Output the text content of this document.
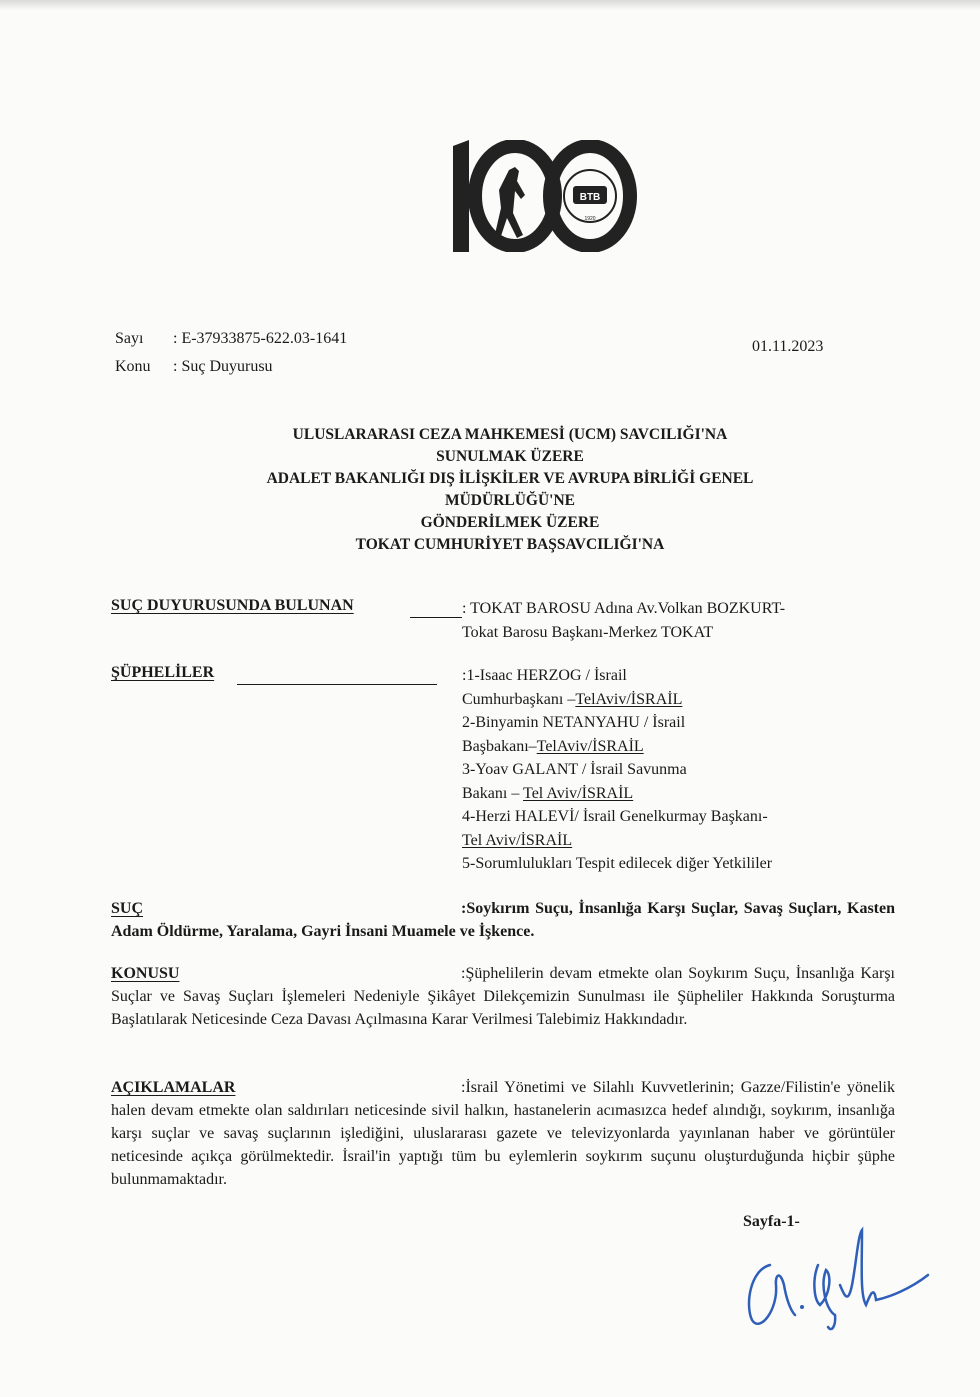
BTB
1920
Sayı : E-37933875-622.03-1641
Konu : Suç Duyurusu
01.11.2023
ULUSLARARASI CEZA MAHKEMESİ (UCM) SAVCILIĞI'NA
SUNULMAK ÜZERE
ADALET BAKANLIĞI DIŞ İLİŞKİLER VE AVRUPA BİRLİĞİ GENEL
MÜDÜRLÜĞÜ'NE
GÖNDERİLMEK ÜZERE
TOKAT CUMHURİYET BAŞSAVCILIĞI'NA
SUÇ DUYURUSUNDA BULUNAN	: TOKAT BAROSU Adına Av.Volkan BOZKURT-
Tokat Barosu Başkanı-Merkez TOKAT
ŞÜPHELİLER	:1-Isaac HERZOG / İsrail
Cumhurbaşkanı –TelAviv/İSRAİL
2-Binyamin NETANYAHU / İsrail
Başbakanı–TelAviv/İSRAİL
3-Yoav GALANT / İsrail Savunma
Bakanı – Tel Aviv/İSRAİL
4-Herzi HALEVİ/ İsrail Genelkurmay Başkanı-
Tel Aviv/İSRAİL
5-Sorumlulukları Tespit edilecek diğer Yetkililer
SUÇ	:Soykırım Suçu, İnsanlığa Karşı Suçlar, Savaş Suçları, Kasten Adam Öldürme, Yaralama, Gayri İnsani Muamele ve İşkence.
KONUSU	:Şüphelilerin devam etmekte olan Soykırım Suçu, İnsanlığa Karşı Suçlar ve Savaş Suçları İşlemeleri Nedeniyle Şikâyet Dilekçemizin Sunulması ile Şüpheliler Hakkında Soruşturma Başlatılarak Neticesinde Ceza Davası Açılmasına Karar Verilmesi Talebimiz Hakkındadır.
AÇIKLAMALAR	:İsrail Yönetimi ve Silahlı Kuvvetlerinin; Gazze/Filistin'e yönelik halen devam etmekte olan saldırıları neticesinde sivil halkın, hastanelerin acımasızca hedef alındığı, soykırım, insanlığa karşı suçlar ve savaş suçlarının işlediğini, uluslararası gazete ve televizyonlarda yayınlanan haber ve görüntüler neticesinde açıkça görülmektedir. İsrail'in yaptığı tüm bu eylemlerin soykırım suçunu oluşturduğunda hiçbir şüphe bulunmamaktadır.
Sayfa-1-
